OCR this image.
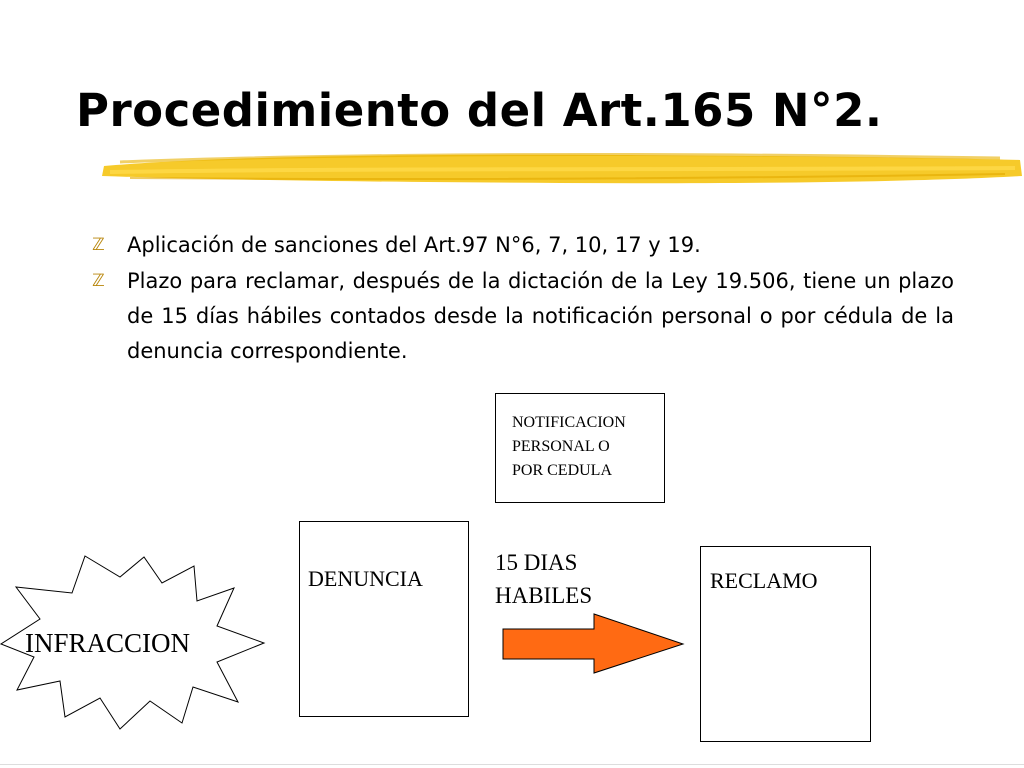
Procedimiento del Art.165 N°2.
ℤ	Aplicación de sanciones del Art.97 N°6, 7, 10, 17 y 19.
ℤ	Plazo para reclamar, después de la dictación de la Ley 19.506, tiene un plazo de 15 días hábiles contados desde la notificación personal o por cédula de la denuncia correspondiente.
NOTIFICACION
PERSONAL O
POR CEDULA
DENUNCIA
15 DIAS
HABILES
RECLAMO
INFRACCION
